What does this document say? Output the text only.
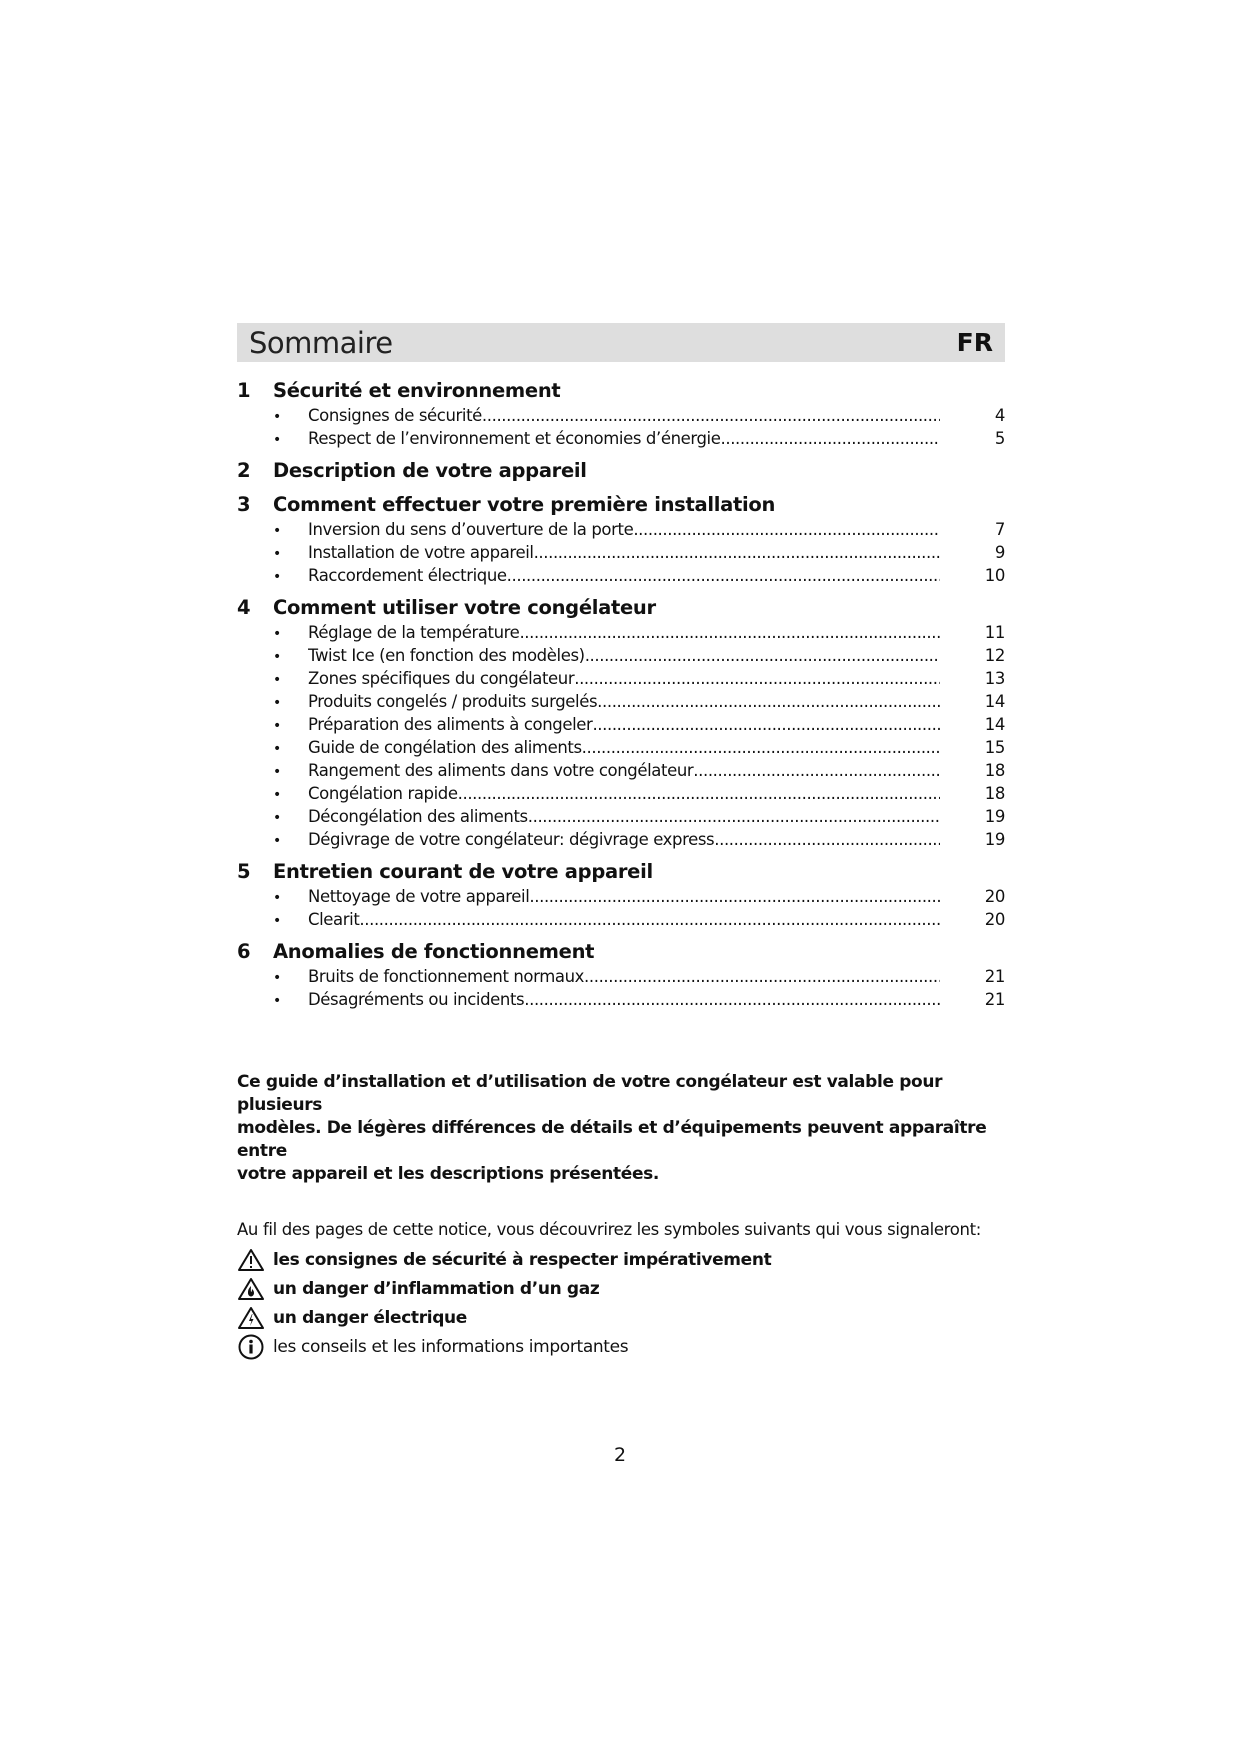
Sommaire	FR
1	Sécurité et environnement
•	Consignes de sécurité .....	4
•	Respect de l’environnement et économies d’énergie .....	5
2	Description de votre appareil
3	Comment effectuer votre première installation
•	Inversion du sens d’ouverture de la porte .....	7
•	Installation de votre appareil .....	9
•	Raccordement électrique .....	10
4	Comment utiliser votre congélateur
•	Réglage de la température .....	11
•	Twist Ice (en fonction des modèles) .....	12
•	Zones spécifiques du congélateur .....	13
•	Produits congelés / produits surgelés .....	14
•	Préparation des aliments à congeler .....	14
•	Guide de congélation des aliments .....	15
•	Rangement des aliments dans votre congélateur .....	18
•	Congélation rapide .....	18
•	Décongélation des aliments .....	19
•	Dégivrage de votre congélateur: dégivrage express .....	19
5	Entretien courant de votre appareil
•	Nettoyage de votre appareil .....	20
•	Clearit .....	20
6	Anomalies de fonctionnement
•	Bruits de fonctionnement normaux .....	21
•	Désagréments ou incidents .....	21

Ce guide d’installation et d’utilisation de votre congélateur est valable pour plusieurs

modèles. De légères différences de détails et d’équipements peuvent apparaître entre

votre appareil et les descriptions présentées.

Au fil des pages de cette notice, vous découvrirez les symboles suivants qui vous signaleront:
les consignes de sécurité à respecter impérativement
un danger d’inflammation d’un gaz
un danger électrique
les conseils et les informations importantes
2
